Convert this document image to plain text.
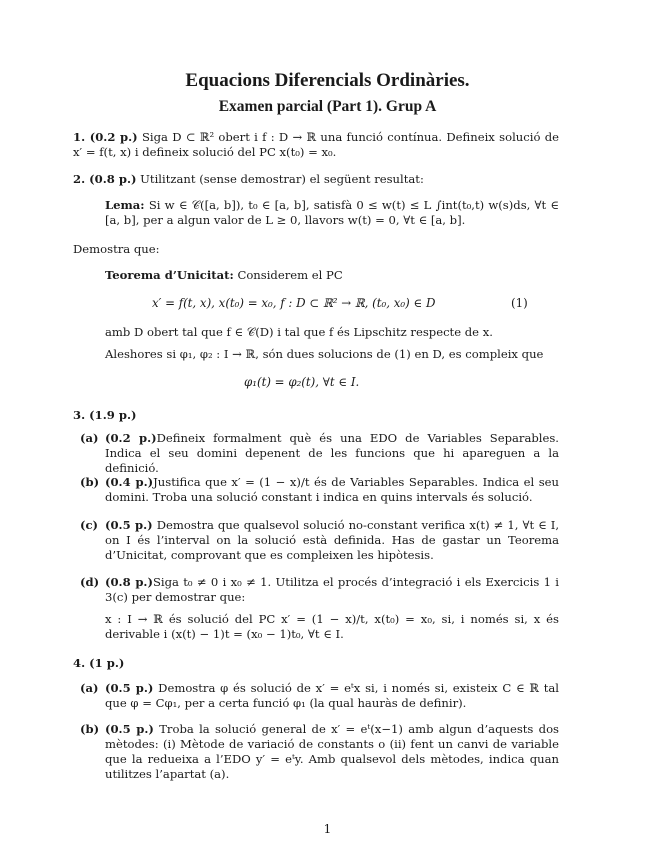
Equacions Diferencials Ordinàries.
Examen parcial (Part 1). Grup A
1. (0.2 p.) Siga D ⊂ ℝ² obert i f : D → ℝ una funció contínua. Defineix solució de x′ = f(t, x) i defineix solució del PC x(t₀) = x₀.
2. (0.8 p.) Utilitzant (sense demostrar) el següent resultat:
Lema: Si w ∈ 𝒞([a, b]), t₀ ∈ [a, b], satisfà 0 ≤ w(t) ≤ L ∫int(t₀,t) w(s)ds, ∀t ∈ [a, b], per a algun valor de L ≥ 0, llavors w(t) = 0, ∀t ∈ [a, b].
Demostra que:
Teorema d’Unicitat: Considerem el PC
x′ = f(t, x), x(t₀) = x₀, f : D ⊂ ℝ² → ℝ, (t₀, x₀) ∈ D	(1)
amb D obert tal que f ∈ 𝒞(D) i tal que f és Lipschitz respecte de x.
Aleshores si φ₁, φ₂ : I → ℝ, són dues solucions de (1) en D, es compleix que
φ₁(t) = φ₂(t), ∀t ∈ I.
3. (1.9 p.)
(a) (0.2 p.)Defineix formalment què és una EDO de Variables Separables. Indica el seu domini depenent de les funcions que hi apareguen a la definició.
(b) (0.4 p.)Justifica que x′ = (1 − x)/t és de Variables Separables. Indica el seu domini. Troba una solució constant i indica en quins intervals és solució.
(c) (0.5 p.) Demostra que qualsevol solució no-constant verifica x(t) ≠ 1, ∀t ∈ I, on I és l’interval on la solució està definida. Has de gastar un Teorema d’Unicitat, comprovant que es compleixen les hipòtesis.
(d) (0.8 p.)Siga t₀ ≠ 0 i x₀ ≠ 1. Utilitza el procés d’integració i els Exercicis 1 i 3(c) per demostrar que:
x : I → ℝ és solució del PC x′ = (1 − x)/t, x(t₀) = x₀, si, i només si, x és derivable i (x(t) − 1)t = (x₀ − 1)t₀, ∀t ∈ I.
4. (1 p.)
(a) (0.5 p.) Demostra φ és solució de x′ = eᵗx si, i només si, existeix C ∈ ℝ tal que φ = Cφ₁, per a certa funció φ₁ (la qual hauràs de definir).
(b) (0.5 p.) Troba la solució general de x′ = eᵗ(x−1) amb algun d’aquests dos mètodes: (i) Mètode de variació de constants o (ii) fent un canvi de variable que la redueixa a l’EDO y′ = eᵗy. Amb qualsevol dels mètodes, indica quan utilitzes l’apartat (a).
1
